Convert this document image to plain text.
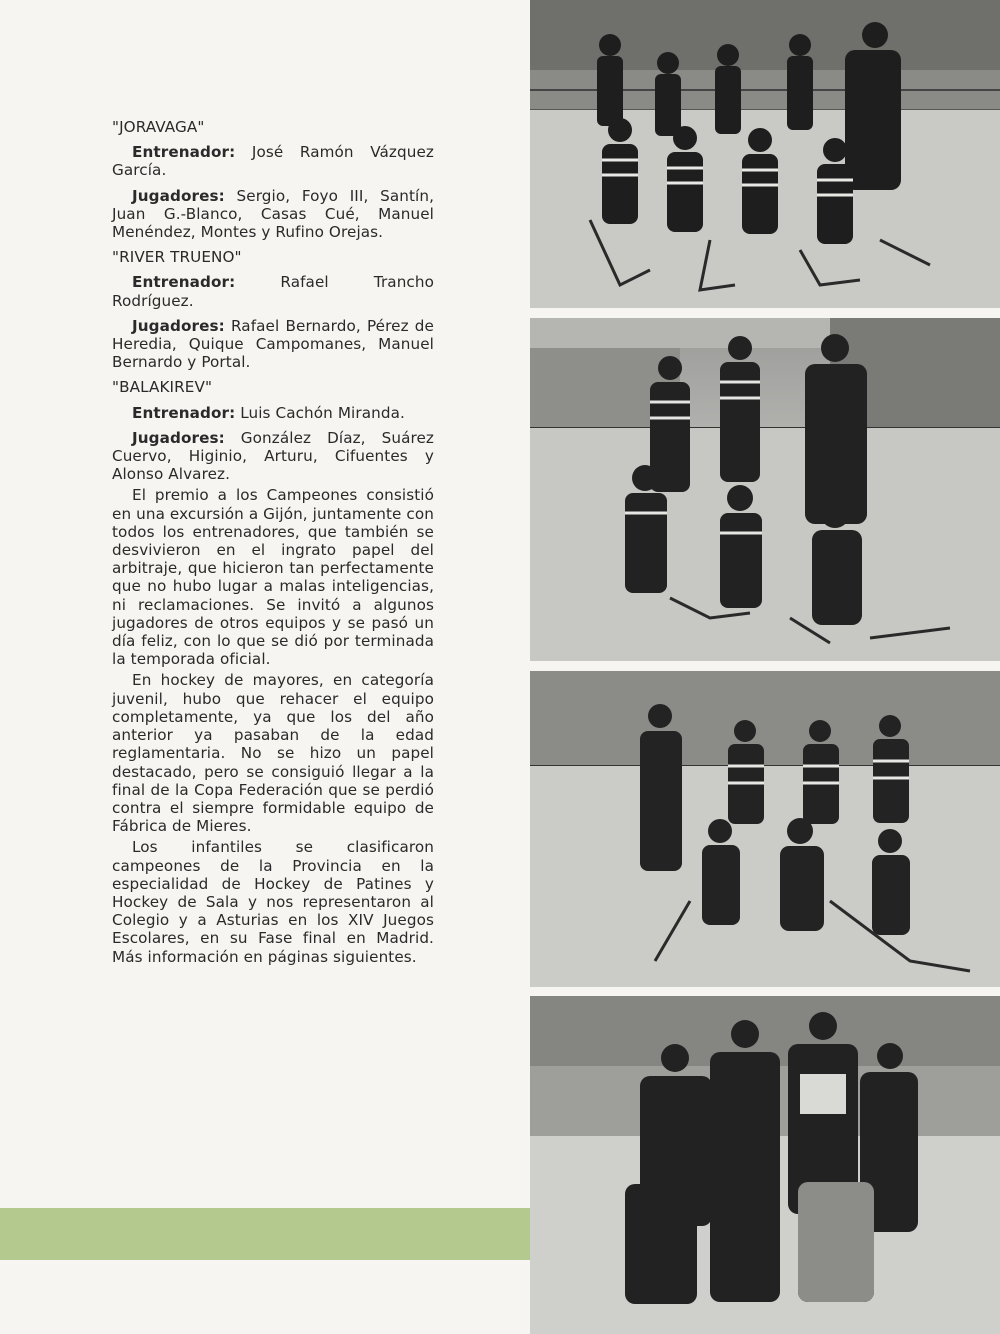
"JORAVAGA"

Entrenador: José Ramón Vázquez García.

Jugadores: Sergio, Foyo III, Santín, Juan G.-Blanco, Casas Cué, Manuel Menéndez, Montes y Rufino Orejas.

"RIVER TRUENO"

Entrenador:	Rafael Trancho Rodríguez.

Jugadores: Rafael Bernardo, Pérez de Heredia, Quique Campomanes, Manuel Bernardo y Portal.

"BALAKIREV"

Entrenador: Luis Cachón Miranda.

Jugadores: González Díaz, Suárez Cuervo, Higinio, Arturu, Cifuentes y Alonso Alvarez.

El premio a los Campeones consistió en una excursión a Gijón, juntamente con todos los entrenadores, que también se desvivieron en el ingrato papel del arbitraje, que hicieron tan perfectamente que no hubo lugar a malas inteligencias, ni reclamaciones. Se invitó a algunos jugadores de otros equipos y se pasó un día feliz, con lo que se dió por terminada la temporada oficial.

En hockey de mayores, en categoría juvenil, hubo que rehacer el equipo completamente, ya que los del año anterior ya pasaban de la edad reglamentaria. No se hizo un papel destacado, pero se consiguió llegar a la final de la Copa Federación que se perdió contra el siempre formidable equipo de Fábrica de Mieres.

Los infantiles se clasificaron campeones de la Provincia en la especialidad de Hockey de Patines y Hockey de Sala y nos representaron al Colegio y a Asturias en los XIV Juegos Escolares, en su Fase final en Madrid. Más información en páginas siguientes.
